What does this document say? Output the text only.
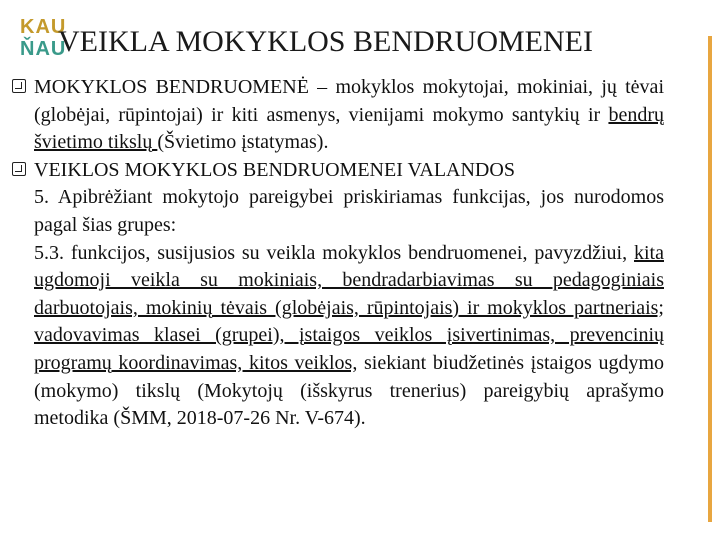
KAU
ŇAU
VEIKLA MOKYKLOS BENDRUOMENEI
MOKYKLOS BENDRUOMENĖ – mokyklos mokytojai, mokiniai, jų tėvai (globėjai, rūpintojai) ir kiti asmenys, vienijami mokymo santykių ir bendrų švietimo tikslų (Švietimo įstatymas).
VEIKLOS MOKYKLOS BENDRUOMENEI VALANDOS
5. Apibrėžiant mokytojo pareigybei priskiriamas funkcijas, jos nurodomos pagal šias grupes:
5.3. funkcijos, susijusios su veikla mokyklos bendruomenei, pavyzdžiui, kita ugdomoji veikla su mokiniais, bendradarbiavimas su pedagoginiais darbuotojais, mokinių tėvais (globėjais, rūpintojais) ir mokyklos partneriais; vadovavimas klasei (grupei), įstaigos veiklos įsivertinimas, prevencinių programų koordinavimas, kitos veiklos, siekiant biudžetinės įstaigos ugdymo (mokymo) tikslų (Mokytojų (išskyrus trenerius) pareigybių aprašymo metodika (ŠMM, 2018-07-26 Nr. V-674).
